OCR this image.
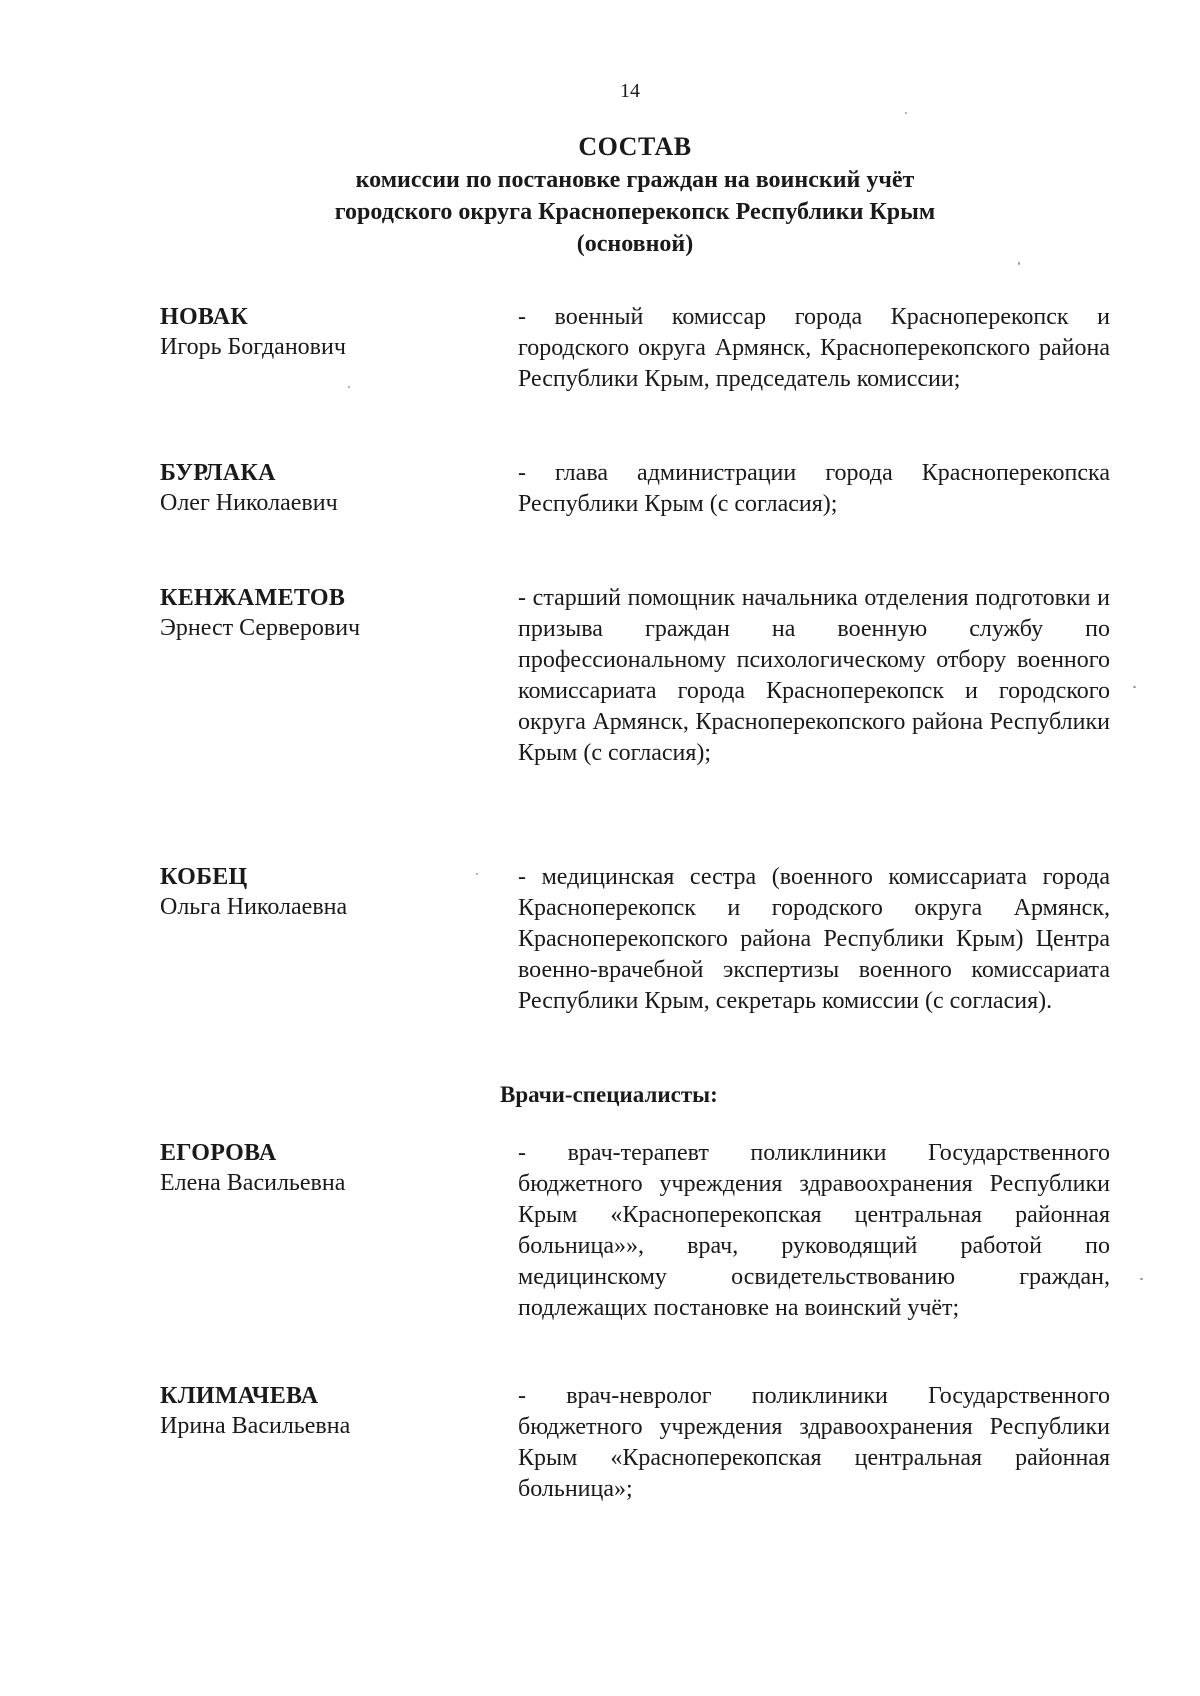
14
СОСТАВ
комиссии по постановке граждан на воинский учёт
городского округа Красноперекопск Республики Крым
(основной)
НОВАК
Игорь Богданович
- военный комиссар города Красноперекопск и городского округа Армянск, Красноперекопского района Республики Крым, председатель комиссии;
БУРЛАКА
Олег Николаевич
- глава администрации города Красноперекопска Республики Крым (с согласия);
КЕНЖАМЕТОВ
Эрнест Серверович
- старший помощник начальника отделения подготовки и призыва граждан на военную службу по профессиональному психологическому отбору военного комиссариата города Красноперекопск и городского округа Армянск, Красноперекопского района Республики Крым (с согласия);
КОБЕЦ
Ольга Николаевна
- медицинская сестра (военного комиссариата города Красноперекопск и городского округа Армянск, Красноперекопского района Республики Крым) Центра военно-врачебной экспертизы военного комиссариата Республики Крым, секретарь комиссии (с согласия).
Врачи-специалисты:
ЕГОРОВА
Елена Васильевна
- врач-терапевт поликлиники Государственного бюджетного учреждения здравоохранения Республики Крым «Красноперекопская центральная районная больница»», врач, руководящий работой по медицинскому освидетельствованию граждан, подлежащих постановке на воинский учёт;
КЛИМАЧЕВА
Ирина Васильевна
- врач-невролог поликлиники Государственного бюджетного учреждения здравоохранения Республики Крым «Красноперекопская центральная районная больница»;
